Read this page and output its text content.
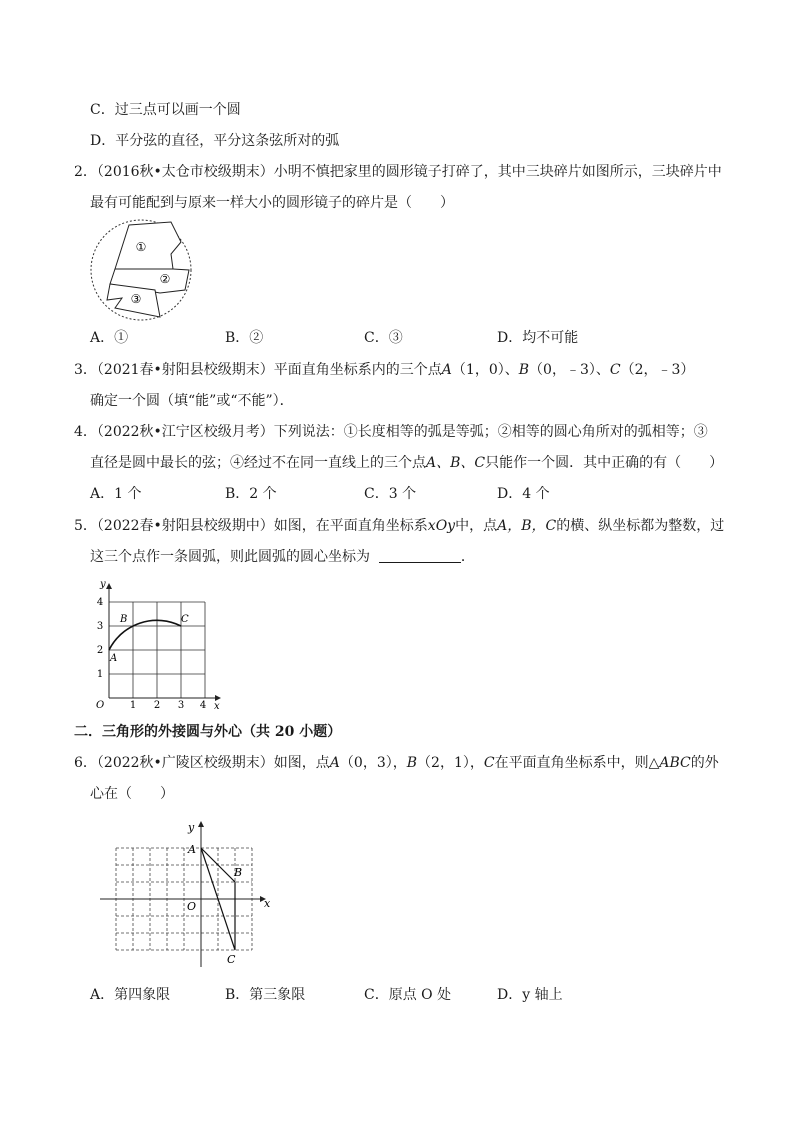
C．过三点可以画一个圆
D．平分弦的直径，平分这条弦所对的弧
2．（2016秋•太仓市校级期末）小明不慎把家里的圆形镜子打碎了，其中三块碎片如图所示，三块碎片中
最有可能配到与原来一样大小的圆形镜子的碎片是（　　）
①
②
③
A．①	B．②	C．③	D．均不可能
3．（2021春•射阳县校级期末）平面直角坐标系内的三个点A（1，0）、B（0，﹣3）、C（2，﹣3）
确定一个圆（填“能”或“不能”）．
4．（2022秋•江宁区校级月考）下列说法：①长度相等的弧是等弧；②相等的圆心角所对的弧相等；③
直径是圆中最长的弦；④经过不在同一直线上的三个点A、B、C只能作一个圆．其中正确的有（　　）
A．1 个	B．2 个	C．3 个	D．4 个
5．（2022春•射阳县校级期中）如图，在平面直角坐标系xOy中，点A，B，C的横、纵坐标都为整数，过
这三个点作一条圆弧，则此圆弧的圆心坐标为	．
1 2 3 4 x
1
2
3
4
y
O
A
B	C
二．三角形的外接圆与外心（共 20 小题）
6．（2022秋•广陵区校级期末）如图，点A（0，3），B（2，1），C在平面直角坐标系中，则△ABC的外
心在（　　）
x
y
O
A
B
C
A．第四象限	B．第三象限	C．原点 O 处	D．y 轴上
